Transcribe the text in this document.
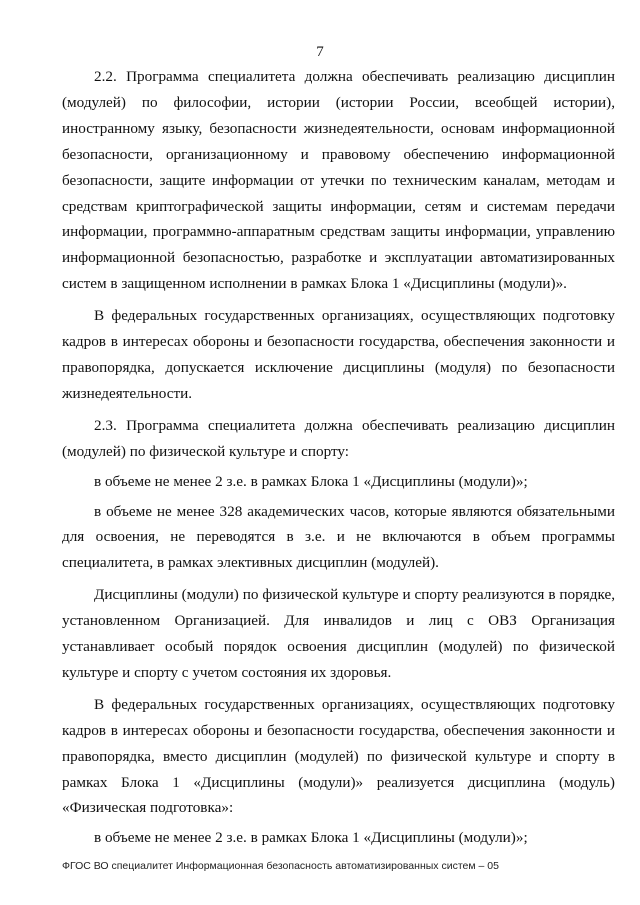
7

2.2. Программа специалитета должна обеспечивать реализацию дисциплин (модулей) по философии, истории (истории России, всеобщей истории), иностранному языку, безопасности жизнедеятельности, основам информационной безопасности, организационному и правовому обеспечению информационной безопасности, защите информации от утечки по техническим каналам, методам и средствам криптографической защиты информации, сетям и системам передачи информации, программно-аппаратным средствам защиты информации, управлению информационной безопасностью, разработке и эксплуатации автоматизированных систем в защищенном исполнении в рамках Блока 1 «Дисциплины (модули)».

В федеральных государственных организациях, осуществляющих подготовку кадров в интересах обороны и безопасности государства, обеспечения законности и правопорядка, допускается исключение дисциплины (модуля) по безопасности жизнедеятельности.

2.3. Программа специалитета должна обеспечивать реализацию дисциплин (модулей) по физической культуре и спорту:

в объеме не менее 2 з.е. в рамках Блока 1 «Дисциплины (модули)»;

в объеме не менее 328 академических часов, которые являются обязательными для освоения, не переводятся в з.е. и не включаются в объем программы специалитета, в рамках элективных дисциплин (модулей).

Дисциплины (модули) по физической культуре и спорту реализуются в порядке, установленном Организацией. Для инвалидов и лиц с ОВЗ Организация устанавливает особый порядок освоения дисциплин (модулей) по физической культуре и спорту с учетом состояния их здоровья.

В федеральных государственных организациях, осуществляющих подготовку кадров в интересах обороны и безопасности государства, обеспечения законности и правопорядка, вместо дисциплин (модулей) по физической культуре и спорту в рамках Блока 1 «Дисциплины (модули)» реализуется дисциплина (модуль) «Физическая подготовка»:

в объеме не менее 2 з.е. в рамках Блока 1 «Дисциплины (модули)»;

ФГОС ВО специалитет Информационная безопасность автоматизированных систем – 05
